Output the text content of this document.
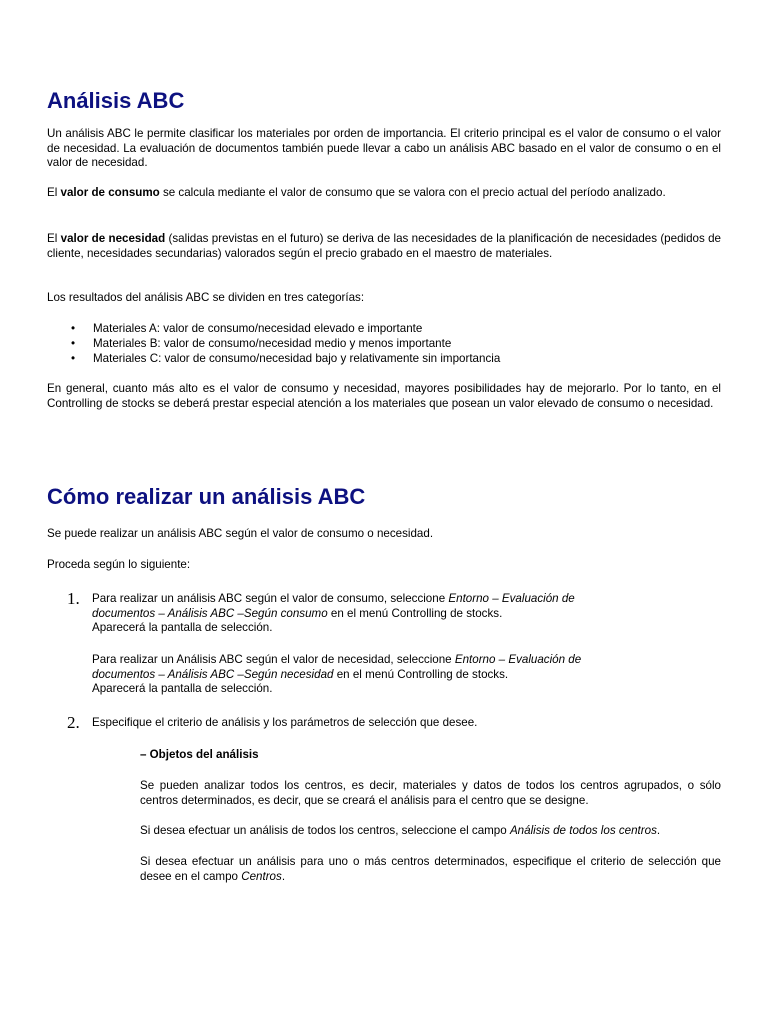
Análisis ABC

Un análisis ABC le permite clasificar los materiales por orden de importancia. El criterio principal es el valor de consumo o el valor de necesidad. La evaluación de documentos también puede llevar a cabo un análisis ABC basado en el valor de consumo o en el valor de necesidad.

El valor de consumo se calcula mediante el valor de consumo que se valora con el precio actual del período analizado.

El valor de necesidad (salidas previstas en el futuro) se deriva de las necesidades de la planificación de necesidades (pedidos de cliente, necesidades secundarias) valorados según el precio grabado en el maestro de materiales.

Los resultados del análisis ABC se dividen en tres categorías:

• Materiales A: valor de consumo/necesidad elevado e importante
• Materiales B: valor de consumo/necesidad medio y menos importante
• Materiales C: valor de consumo/necesidad bajo y relativamente sin importancia

En general, cuanto más alto es el valor de consumo y necesidad, mayores posibilidades hay de mejorarlo. Por lo tanto, en el Controlling de stocks se deberá prestar especial atención a los materiales que posean un valor elevado de consumo o necesidad.

Cómo realizar un análisis ABC

Se puede realizar un análisis ABC según el valor de consumo o necesidad.

Proceda según lo siguiente:

1. Para realizar un análisis ABC según el valor de consumo, seleccione Entorno – Evaluación de
documentos – Análisis ABC –Según consumo en el menú Controlling de stocks.
Aparecerá la pantalla de selección.

Para realizar un Análisis ABC según el valor de necesidad, seleccione Entorno – Evaluación de
documentos – Análisis ABC –Según necesidad en el menú Controlling de stocks.
Aparecerá la pantalla de selección.

2. Especifique el criterio de análisis y los parámetros de selección que desee.

– Objetos del análisis

Se pueden analizar todos los centros, es decir, materiales y datos de todos los centros agrupados, o sólo centros determinados, es decir, que se creará el análisis para el centro que se designe.

Si desea efectuar un análisis de todos los centros, seleccione el campo Análisis de todos los centros.

Si desea efectuar un análisis para uno o más centros determinados, especifique el criterio de selección que desee en el campo Centros.
